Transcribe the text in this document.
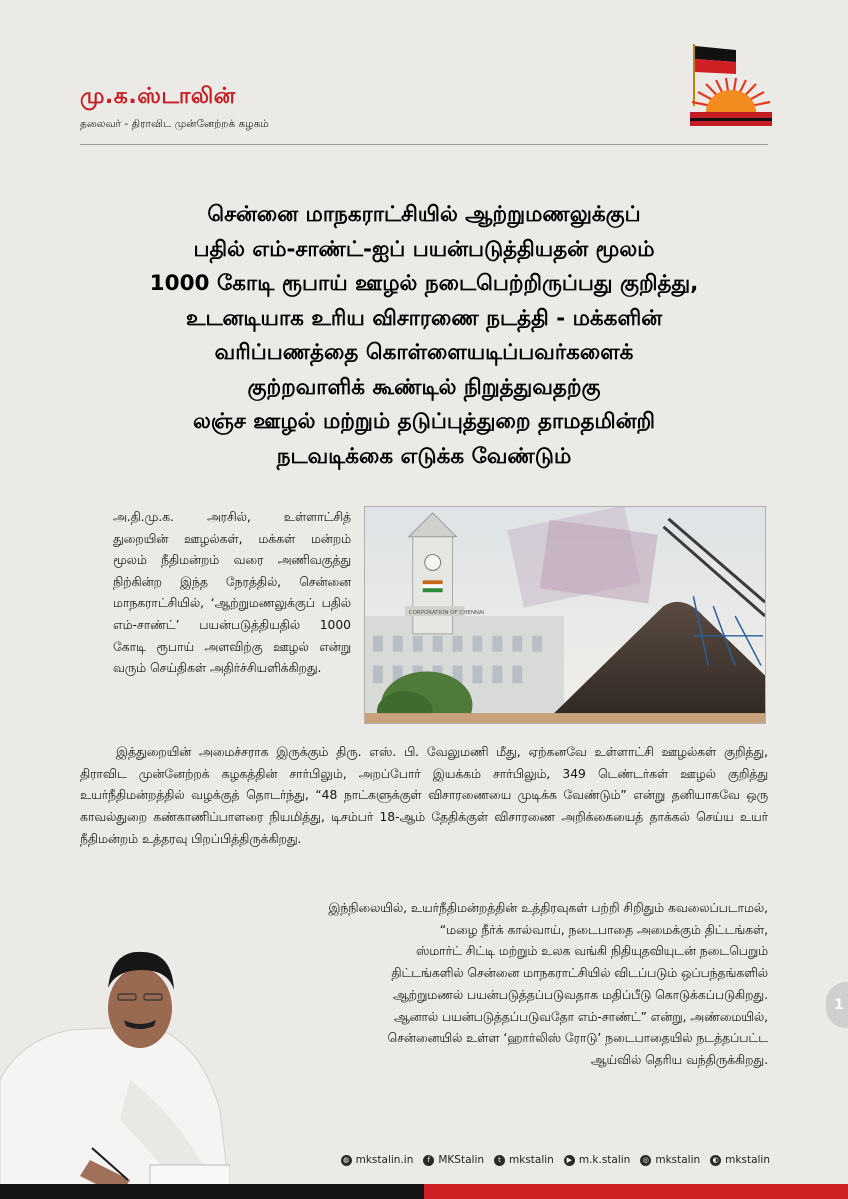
மு.க.ஸ்டாலின்
தலைவர் - திராவிட முன்னேற்றக் கழகம்
சென்னை மாநகராட்சியில் ஆற்றுமணலுக்குப்
பதில் எம்-சாண்ட்-ஐப் பயன்படுத்தியதன் மூலம்
1000 கோடி ரூபாய் ஊழல் நடைபெற்றிருப்பது குறித்து,
உடனடியாக உரிய விசாரணை நடத்தி - மக்களின்
வரிப்பணத்தை கொள்ளையடிப்பவர்களைக்
குற்றவாளிக் கூண்டில் நிறுத்துவதற்கு
லஞ்ச ஊழல் மற்றும் தடுப்புத்துறை தாமதமின்றி
நடவடிக்கை எடுக்க வேண்டும்
அ.தி.மு.க. அரசில், உள்ளாட்சித் துறையின் ஊழல்கள், மக்கள் மன்றம் மூலம் நீதிமன்றம் வரை அணிவகுத்து நிற்கின்ற இந்த நேரத்தில், சென்னை மாநகராட்சியில், ‘ஆற்றுமணலுக்குப் பதில் எம்-சாண்ட்’ பயன்படுத்தியதில் 1000 கோடி ரூபாய் அளவிற்கு ஊழல் என்று வரும் செய்திகள் அதிர்ச்சியளிக்கிறது.
CORPORATION OF CHENNAI
இத்துறையின் அமைச்சராக இருக்கும் திரு. எஸ். பி. வேலுமணி மீது, ஏற்கனவே உள்ளாட்சி ஊழல்கள் குறித்து, திராவிட முன்னேற்றக் கழகத்தின் சார்பிலும், அறப்போர் இயக்கம் சார்பிலும், 349 டெண்டர்கள் ஊழல் குறித்து உயர்நீதிமன்றத்தில் வழக்குத் தொடர்ந்து, “48 நாட்களுக்குள் விசாரணையை முடிக்க வேண்டும்” என்று தனியாகவே ஒரு காவல்துறை கண்காணிப்பாளரை நியமித்து, டிசம்பர் 18-ஆம் தேதிக்குள் விசாரணை அறிக்கையைத் தாக்கல் செய்ய உயர் நீதிமன்றம் உத்தரவு பிறப்பித்திருக்கிறது.
இந்நிலையில், உயர்நீதிமன்றத்தின் உத்திரவுகள் பற்றி சிறிதும் கவலைப்படாமல்,
“மழை நீர்க் கால்வாய், நடைபாதை அமைக்கும் திட்டங்கள்,
ஸ்மார்ட் சிட்டி மற்றும் உலக வங்கி நிதியுதவியுடன் நடைபெறும்
திட்டங்களில் சென்னை மாநகராட்சியில் விடப்படும் ஒப்பந்தங்களில்
ஆற்றுமணல் பயன்படுத்தப்படுவதாக மதிப்பீடு கொடுக்கப்படுகிறது.
ஆனால் பயன்படுத்தப்படுவதோ எம்-சாண்ட்” என்று, அண்மையில்,
சென்னையில் உள்ள ‘ஹார்லிஸ் ரோடு’ நடைபாதையில் நடத்தப்பட்ட
ஆய்வில் தெரிய வந்திருக்கிறது.
1
◍ mkstalin.in	f MKStalin	t mkstalin	▶ m.k.stalin	◎ mkstalin	◐ mkstalin
